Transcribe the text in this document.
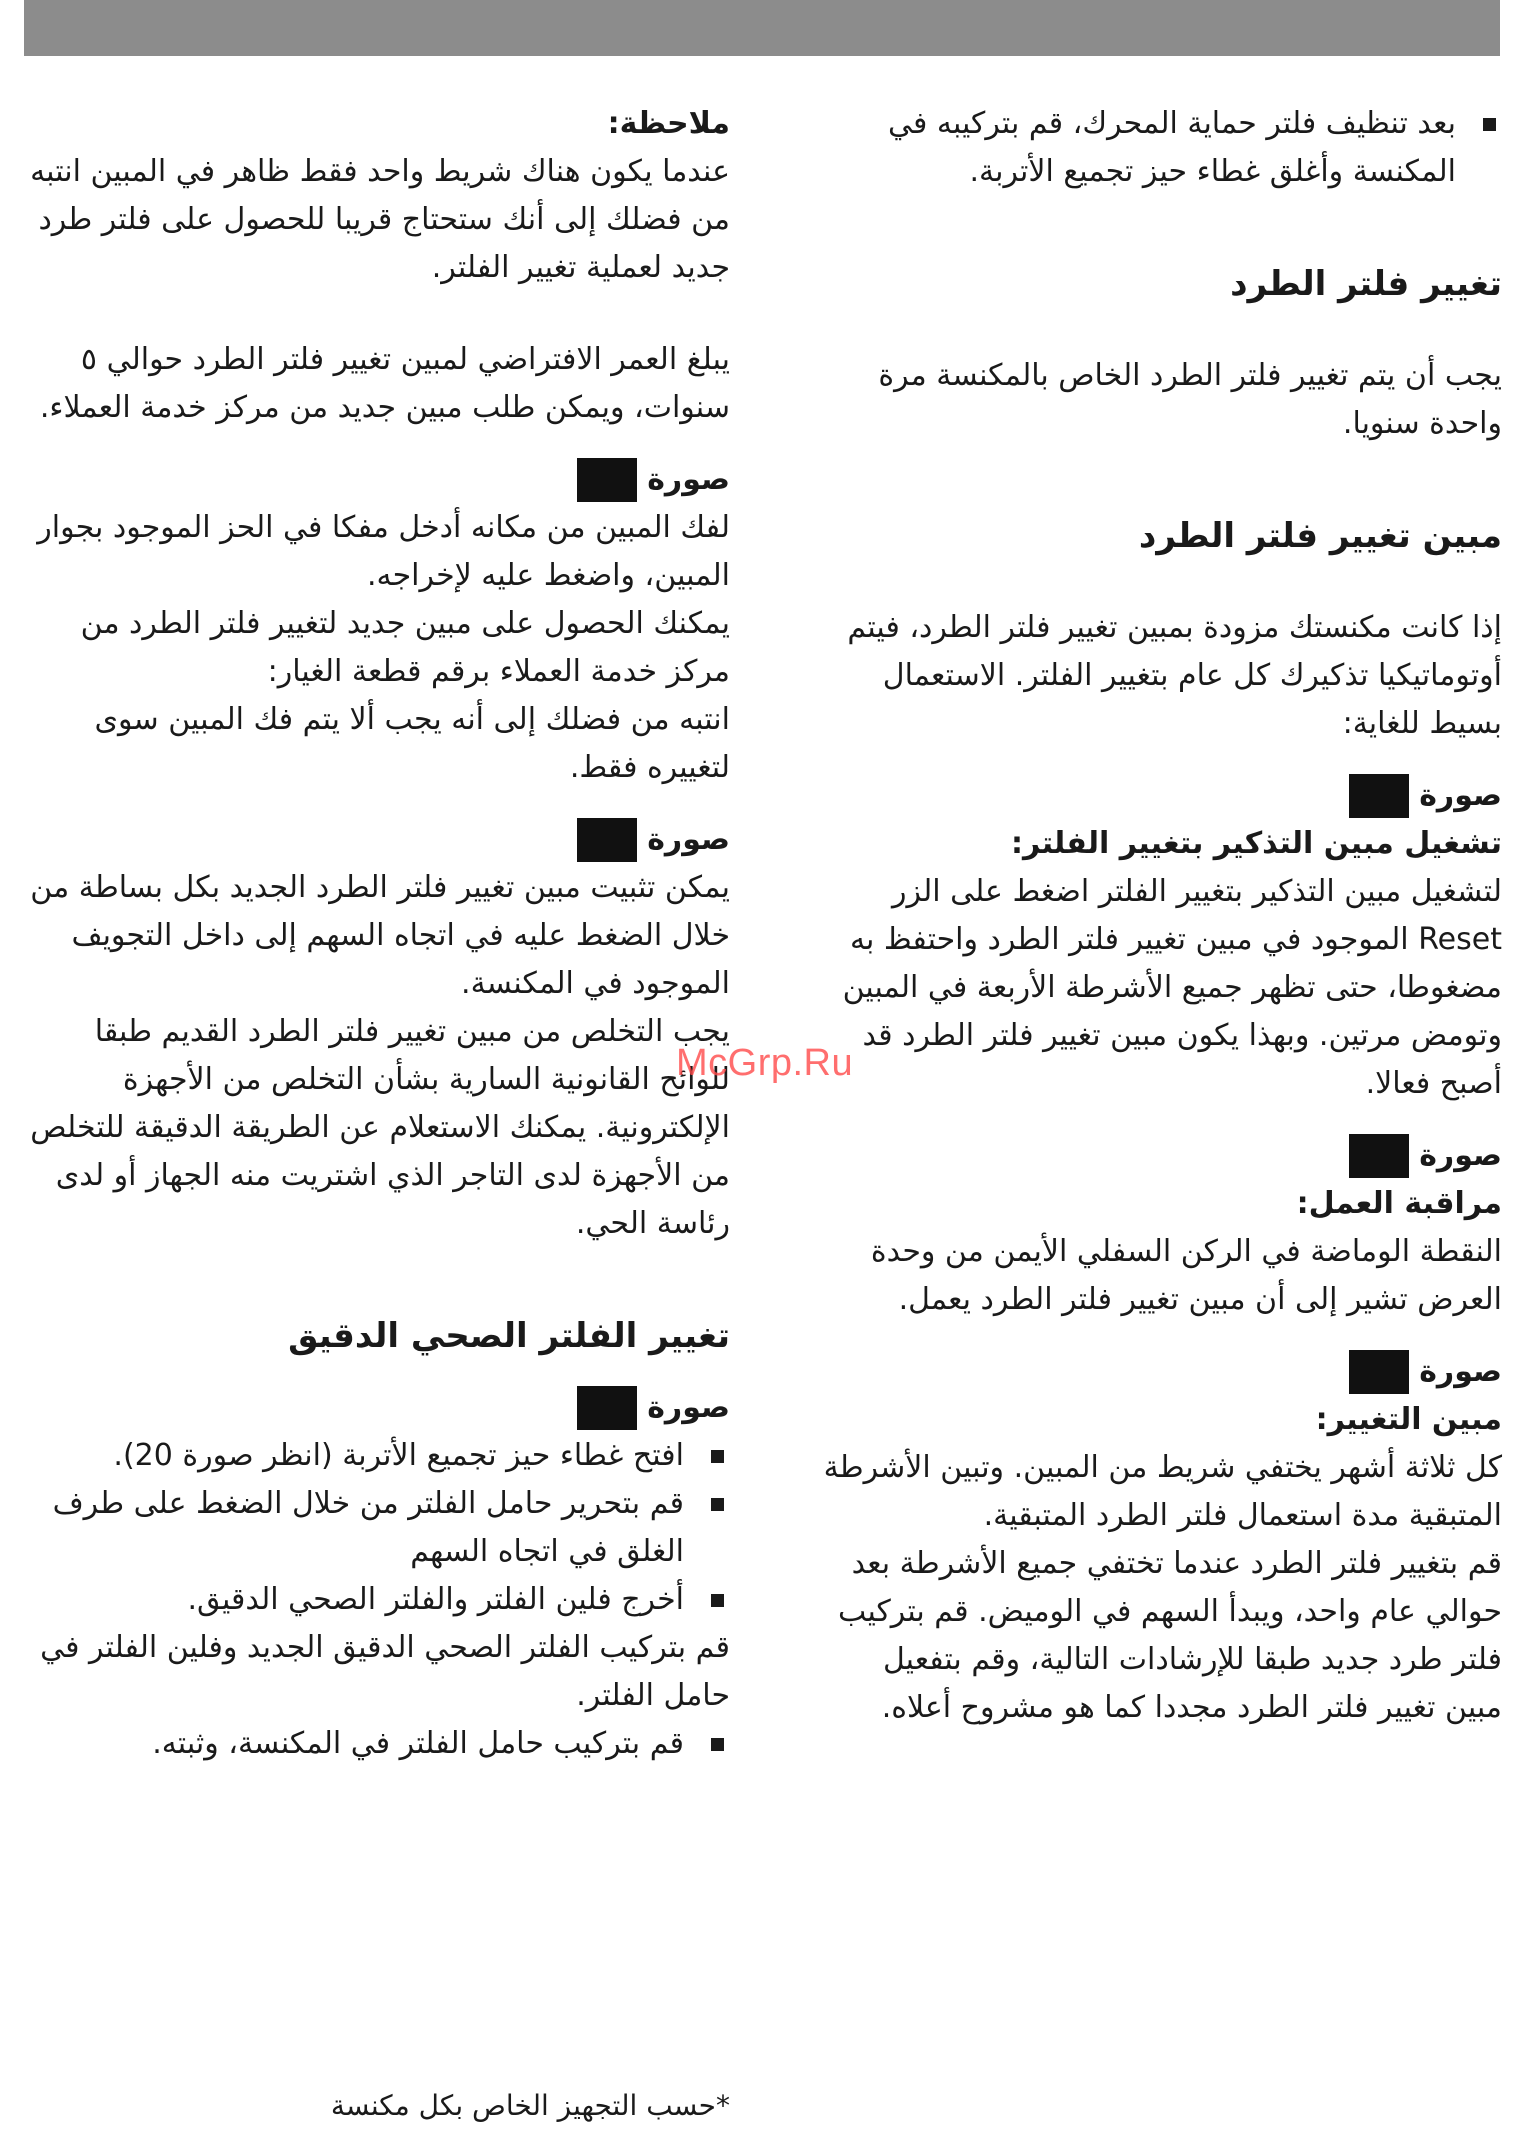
بعد تنظيف فلتر حماية المحرك، قم بتركيبه في المكنسة وأغلق غطاء حيز تجميع الأتربة.

تغيير فلتر الطرد

يجب أن يتم تغيير فلتر الطرد الخاص بالمكنسة مرة واحدة سنويا.

مبين تغيير فلتر الطرد

إذا كانت مكنستك مزودة بمبين تغيير فلتر الطرد، فيتم أوتوماتيكيا تذكيرك كل عام بتغيير الفلتر. الاستعمال بسيط للغاية:

صورة

تشغيل مبين التذكير بتغيير الفلتر:

لتشغيل مبين التذكير بتغيير الفلتر اضغط على الزر Reset الموجود في مبين تغيير فلتر الطرد واحتفظ به مضغوطا، حتى تظهر جميع الأشرطة الأربعة في المبين وتومض مرتين. وبهذا يكون مبين تغيير فلتر الطرد قد أصبح فعالا.

صورة

مراقبة العمل:

النقطة الوماضة في الركن السفلي الأيمن من وحدة العرض تشير إلى أن مبين تغيير فلتر الطرد يعمل.

صورة

مبين التغيير:

كل ثلاثة أشهر يختفي شريط من المبين. وتبين الأشرطة المتبقية مدة استعمال فلتر الطرد المتبقية.

قم بتغيير فلتر الطرد عندما تختفي جميع الأشرطة بعد حوالي عام واحد، ويبدأ السهم في الوميض. قم بتركيب فلتر طرد جديد طبقا للإرشادات التالية، وقم بتفعيل مبين تغيير فلتر الطرد مجددا كما هو مشروح أعلاه.

ملاحظة:

عندما يكون هناك شريط واحد فقط ظاهر في المبين انتبه من فضلك إلى أنك ستحتاج قريبا للحصول على فلتر طرد جديد لعملية تغيير الفلتر.

يبلغ العمر الافتراضي لمبين تغيير فلتر الطرد حوالي ٥ سنوات، ويمكن طلب مبين جديد من مركز خدمة العملاء.

صورة

لفك المبين من مكانه أدخل مفكا في الحز الموجود بجوار المبين، واضغط عليه لإخراجه.

يمكنك الحصول على مبين جديد لتغيير فلتر الطرد من مركز خدمة العملاء برقم قطعة الغيار:

انتبه من فضلك إلى أنه يجب ألا يتم فك المبين سوى لتغييره فقط.

صورة

يمكن تثبيت مبين تغيير فلتر الطرد الجديد بكل بساطة من خلال الضغط عليه في اتجاه السهم إلى داخل التجويف الموجود في المكنسة.

يجب التخلص من مبين تغيير فلتر الطرد القديم طبقا للوائح القانونية السارية بشأن التخلص من الأجهزة الإلكترونية. يمكنك الاستعلام عن الطريقة الدقيقة للتخلص من الأجهزة لدى التاجر الذي اشتريت منه الجهاز أو لدى رئاسة الحي.

تغيير الفلتر الصحي الدقيق

صورة

افتح غطاء حيز تجميع الأتربة (انظر صورة 20).

قم بتحرير حامل الفلتر من خلال الضغط على طرف الغلق في اتجاه السهم

أخرج فلين الفلتر والفلتر الصحي الدقيق.

قم بتركيب الفلتر الصحي الدقيق الجديد وفلين الفلتر في حامل الفلتر.

قم بتركيب حامل الفلتر في المكنسة، وثبته.

McGrp.Ru
*حسب التجهيز الخاص بكل مكنسة
